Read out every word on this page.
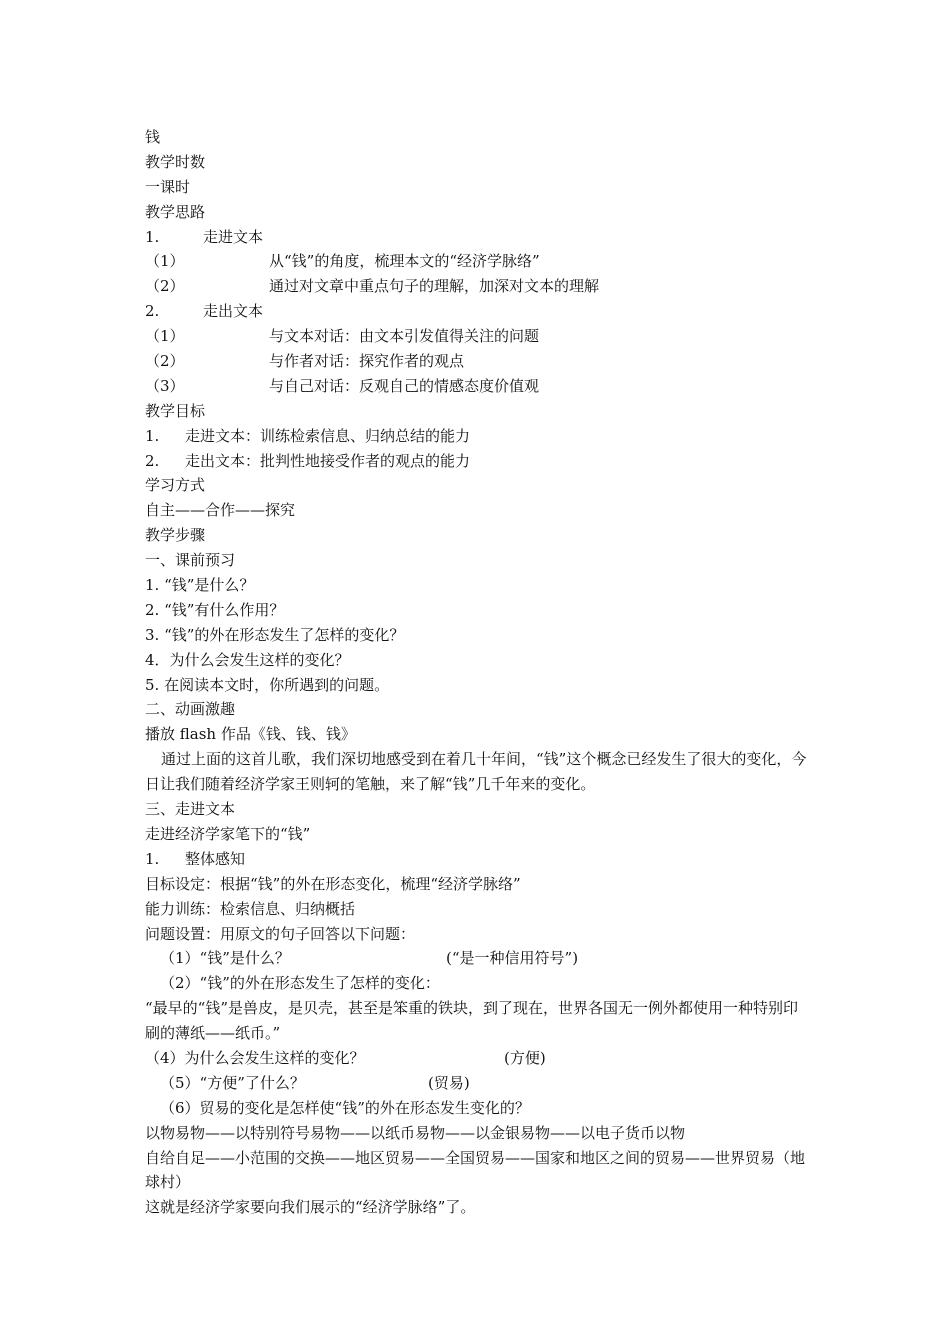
钱
教学时数
一课时
教学思路
1.	走进文本
（1）	从“钱”的角度，梳理本文的“经济学脉络”
（2）	通过对文章中重点句子的理解，加深对文本的理解
2.	走出文本
（1）	与文本对话：由文本引发值得关注的问题
（2）	与作者对话：探究作者的观点
（3）	与自己对话：反观自己的情感态度价值观
教学目标
1. 走进文本：训练检索信息、归纳总结的能力
2. 走出文本：批判性地接受作者的观点的能力
学习方式
自主——合作——探究
教学步骤
一、课前预习
1. “钱”是什么？
2. “钱”有什么作用？
3. “钱”的外在形态发生了怎样的变化？
4．为什么会发生这样的变化？
5. 在阅读本文时，你所遇到的问题。
二、动画激趣
播放 flash 作品《钱、钱、钱》
通过上面的这首儿歌，我们深切地感受到在着几十年间，“钱”这个概念已经发生了很大的变化，今日让我们随着经济学家王则轲的笔触，来了解“钱”几千年来的变化。
三、走进文本
走进经济学家笔下的“钱”
1. 整体感知
目标设定：根据“钱”的外在形态变化，梳理“经济学脉络”
能力训练：检索信息、归纳概括
问题设置：用原文的句子回答以下问题：
（1）“钱”是什么？	(“是一种信用符号”)
（2）“钱”的外在形态发生了怎样的变化：
“最早的“钱”是兽皮，是贝壳，甚至是笨重的铁块，到了现在，世界各国无一例外都使用一种特别印刷的薄纸——纸币。”
（4）为什么会发生这样的变化？	(方便)
（5）“方便”了什么？	(贸易)
（6）贸易的变化是怎样使“钱”的外在形态发生变化的？
以物易物——以特别符号易物——以纸币易物——以金银易物——以电子货币以物
自给自足——小范围的交换——地区贸易——全国贸易——国家和地区之间的贸易——世界贸易（地球村）
这就是经济学家要向我们展示的“经济学脉络”了。
